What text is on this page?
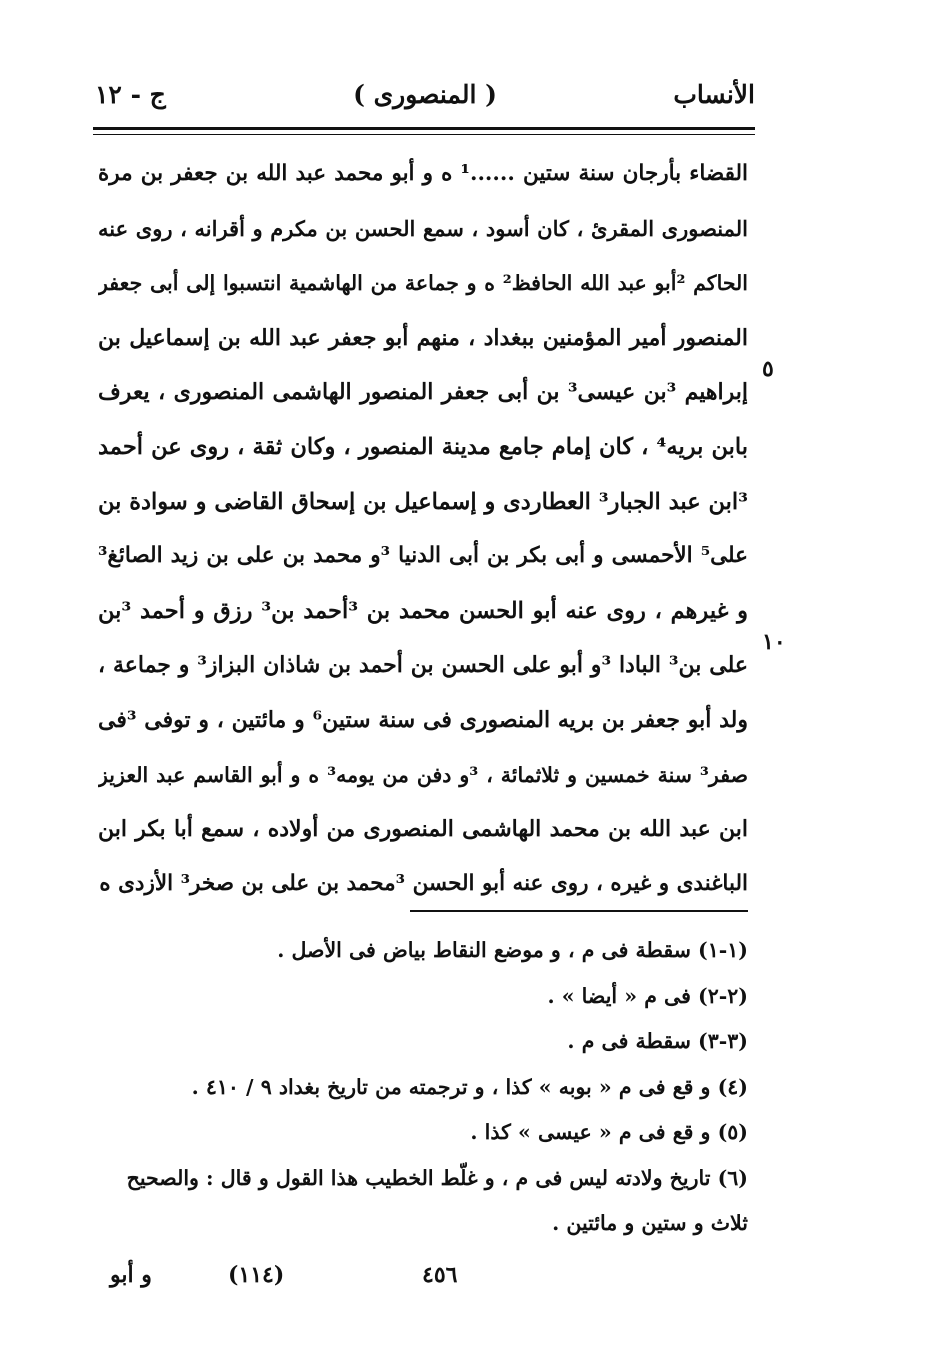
الأنساب
( المنصورى )
ج - ١٢
القضاء بأرجان سنة ستين ......¹ ه و أبو محمد عبد الله بن جعفر بن مرة
المنصورى المقرئ ، كان أسود ، سمع الحسن بن مكرم و أقرانه ، روى عنه
الحاكم ²أبو عبد الله الحافظ² ه و جماعة من الهاشمية انتسبوا إلى أبى جعفر
المنصور أمير المؤمنين ببغداد ، منهم أبو جعفر عبد الله بن إسماعيل بن
إبراهيم ³بن عيسى³ بن أبى جعفر المنصور الهاشمى المنصورى ، يعرف
بابن بريه⁴ ، كان إمام جامع مدينة المنصور ، وكان ثقة ، روى عن أحمد
³ابن عبد الجبار³ العطاردى و إسماعيل بن إسحاق القاضى و سوادة بن
على⁵ الأحمسى و أبى بكر بن أبى الدنيا ³و محمد بن على بن زيد الصائغ³
و غيرهم ، روى عنه أبو الحسن محمد بن ³أحمد بن³ رزق و أحمد ³بن
على بن³ البادا ³و أبو على الحسن بن أحمد بن شاذان البزاز³ و جماعة ،
ولد أبو جعفر بن بريه المنصورى فى سنة ستين⁶ و مائتين ، و توفى ³فى
صفر³ سنة خمسين و ثلاثمائة ، ³و دفن من يومه³ ه و أبو القاسم عبد العزيز
ابن عبد الله بن محمد الهاشمى المنصورى من أولاده ، سمع أبا بكر ابن
الباغندى و غيره ، روى عنه أبو الحسن ³محمد بن على بن صخر³ الأزدى ه
٥
١٠
(١-١) سقطة فى م ، و موضع النقاط بياض فى الأصل .
(٢-٢) فى م « أيضا » .
(٣-٣) سقطة فى م .
(٤) و قع فى م « بوبه » كذا ، و ترجمته من تاريخ بغداد ٩ / ٤١٠ .
(٥) و قع فى م « عيسى » كذا .
(٦) تاريخ ولادته ليس فى م ، و غلّط الخطيب هذا القول و قال : والصحيح
ثلاث و ستين و مائتين .
و أبو	(١١٤)	٤٥٦
